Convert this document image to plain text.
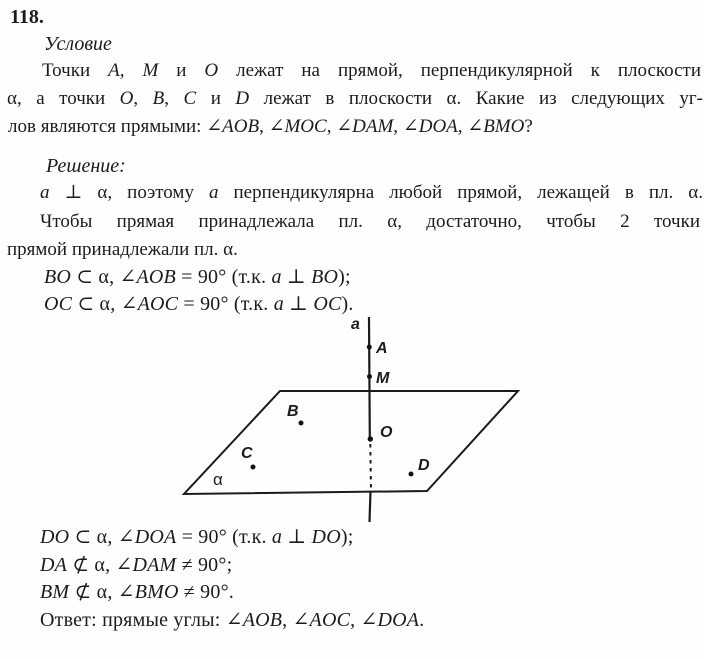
118.
Условие
Точки A, M и O лежат на прямой, перпендикулярной к плоскости
α, а точки O, B, C и D лежат в плоскости α. Какие из следующих уг-
лов являются прямыми: ∠AOB, ∠MOC, ∠DAM, ∠DOA, ∠BMO?
Решение:
a ⊥ α, поэтому a перпендикулярна любой прямой, лежащей в пл. α.
Чтобы прямая принадлежала пл. α, достаточно, чтобы 2 точки
прямой принадлежали пл. α.
BO ⊂ α, ∠AOB = 90° (т.к. a ⊥ BO);
OC ⊂ α, ∠AOC = 90° (т.к. a ⊥ OC).
a
A
M
O
B
C
D
α
DO ⊂ α, ∠DOA = 90° (т.к. a ⊥ DO);
DA ⊄ α, ∠DAM ≠ 90°;
BM ⊄ α, ∠BMO ≠ 90°.
Ответ: прямые углы: ∠AOB, ∠AOC, ∠DOA.
